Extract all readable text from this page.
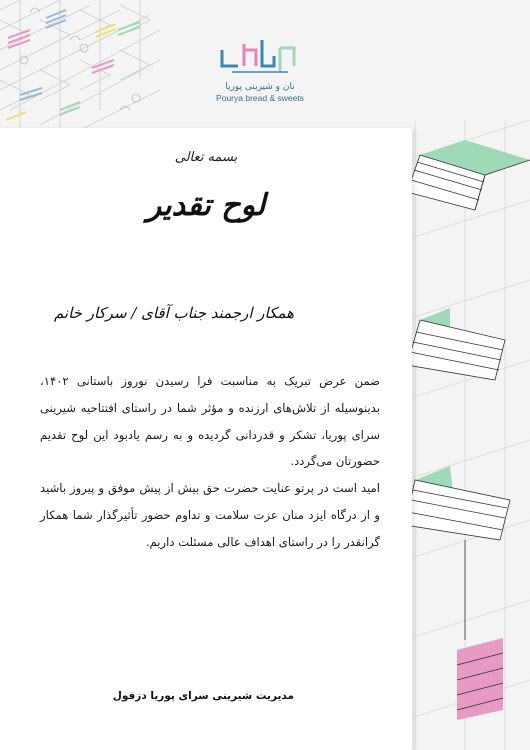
نان و شیرینی پوریا
Pourya bread & sweets
بسمه تعالی
لوح تقدیر
همکار ارجمند جناب آقای / سرکار خانم

ضمن عرض تبریک به مناسبت فرا رسیدن نوروز باستانی ۱۴۰۲، بدینوسیله از تلاش‌های ارزنده و مؤثر شما در راستای افتتاحیه شیرینی سرای پوریا، تشکر و قدردانی گردیده و به رسم یادبود این لوح تقدیم حضورتان می‌گردد.

امید است در پرتو عنایت حضرت حق بیش از پیش موفق و پیروز باشید و از درگاه ایزد منان عزت سلامت و تداوم حضور تأثیرگذار شما همکار گرانقدر را در راستای اهداف عالی مسئلت داریم.

مدیریت شیرینی سرای پوریا دزفول
